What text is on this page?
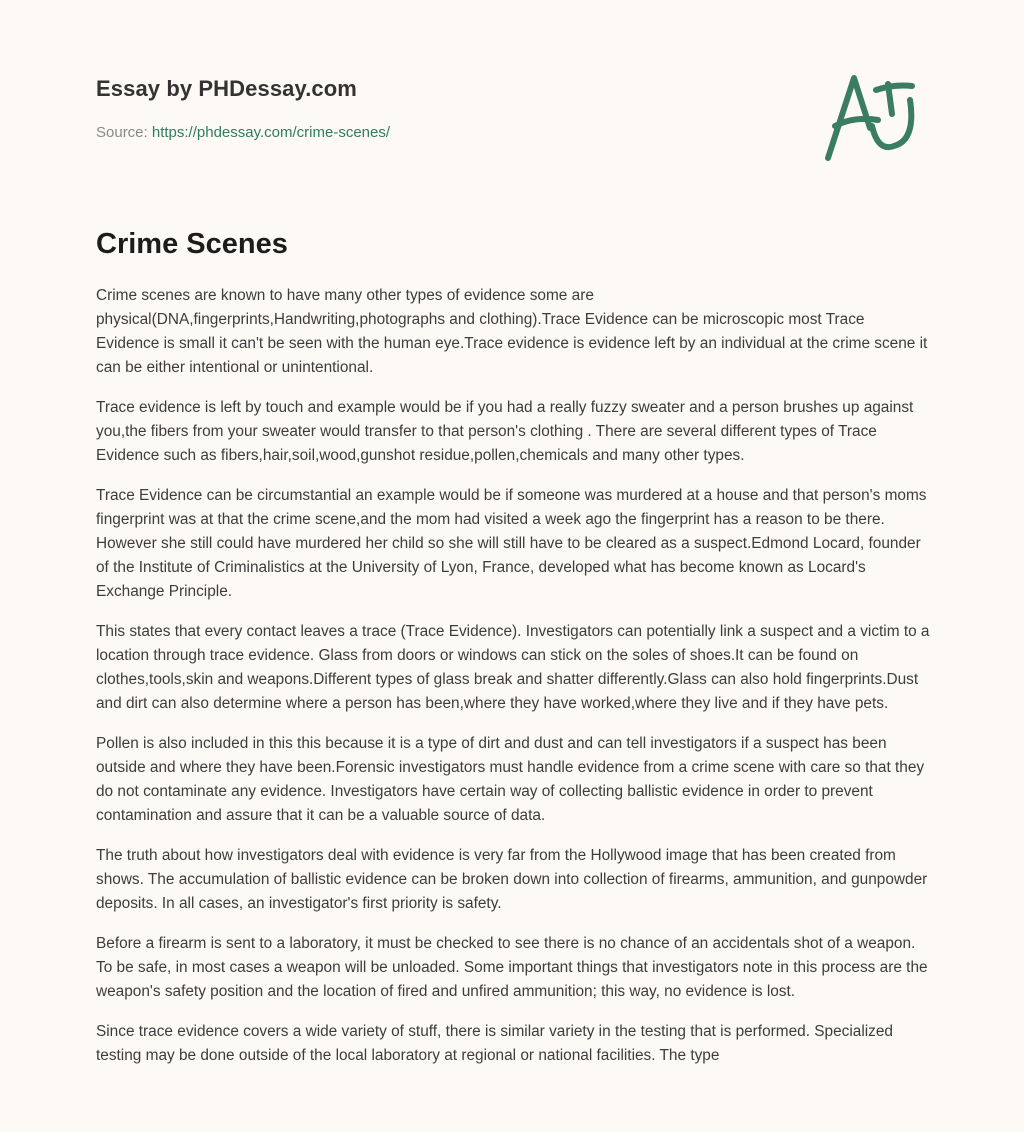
Essay by PHDessay.com
Source: https://phdessay.com/crime-scenes/
Crime Scenes

Crime scenes are known to have many other types of evidence some are physical(DNA,fingerprints,Handwriting,photographs and clothing).Trace Evidence can be microscopic most Trace Evidence is small it can't be seen with the human eye.Trace evidence is evidence left by an individual at the crime scene it can be either intentional or unintentional.

Trace evidence is left by touch and example would be if you had a really fuzzy sweater and a person brushes up against you,the fibers from your sweater would transfer to that person's clothing . There are several different types of Trace Evidence such as fibers,hair,soil,wood,gunshot residue,pollen,chemicals and many other types.

Trace Evidence can be circumstantial an example would be if someone was murdered at a house and that person's moms fingerprint was at that the crime scene,and the mom had visited a week ago the fingerprint has a reason to be there. However she still could have murdered her child so she will still have to be cleared as a suspect.Edmond Locard, founder of the Institute of Criminalistics at the University of Lyon, France, developed what has become known as Locard's Exchange Principle.

This states that every contact leaves a trace (Trace Evidence). Investigators can potentially link a suspect and a victim to a location through trace evidence. Glass from doors or windows can stick on the soles of shoes.It can be found on clothes,tools,skin and weapons.Different types of glass break and shatter differently.Glass can also hold fingerprints.Dust and dirt can also determine where a person has been,where they have worked,where they live and if they have pets.

Pollen is also included in this this because it is a type of dirt and dust and can tell investigators if a suspect has been outside and where they have been.Forensic investigators must handle evidence from a crime scene with care so that they do not contaminate any evidence. Investigators have certain way of collecting ballistic evidence in order to prevent contamination and assure that it can be a valuable source of data.

The truth about how investigators deal with evidence is very far from the Hollywood image that has been created from shows. The accumulation of ballistic evidence can be broken down into collection of firearms, ammunition, and gunpowder deposits. In all cases, an investigator's first priority is safety.

Before a firearm is sent to a laboratory, it must be checked to see there is no chance of an accidentals shot of a weapon. To be safe, in most cases a weapon will be unloaded. Some important things that investigators note in this process are the weapon's safety position and the location of fired and unfired ammunition; this way, no evidence is lost.

Since trace evidence covers a wide variety of stuff, there is similar variety in the testing that is performed. Specialized testing may be done outside of the local laboratory at regional or national facilities. The type
